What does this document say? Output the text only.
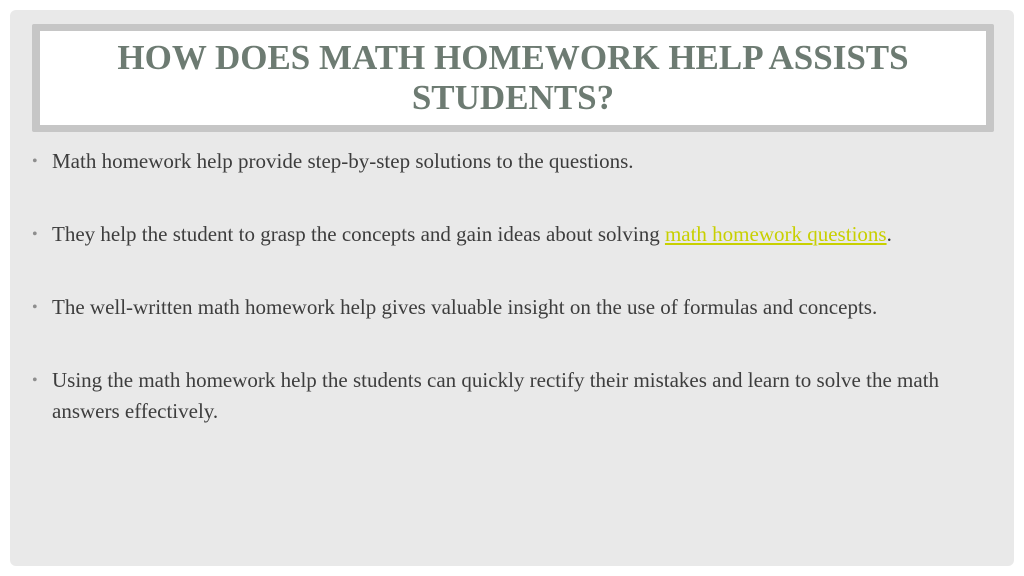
HOW DOES MATH HOMEWORK HELP ASSISTS STUDENTS?
• Math homework help provide step-by-step solutions to the questions.
• They help the student to grasp the concepts and gain ideas about solving math homework questions.
• The well-written math homework help gives valuable insight on the use of formulas and concepts.
• Using the math homework help the students can quickly rectify their mistakes and learn to solve the math answers effectively.
